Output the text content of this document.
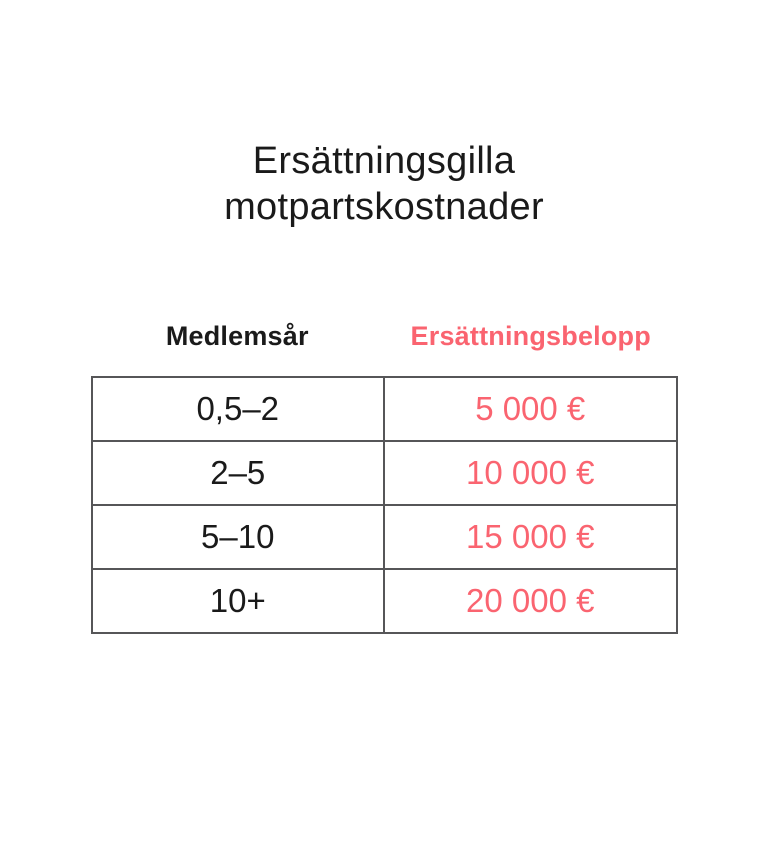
Ersättningsgilla
motpartskostnader
Medlemsår	Ersättningsbelopp
0,5–2	5 000 €
2–5	10 000 €
5–10	15 000 €
10+	20 000 €
